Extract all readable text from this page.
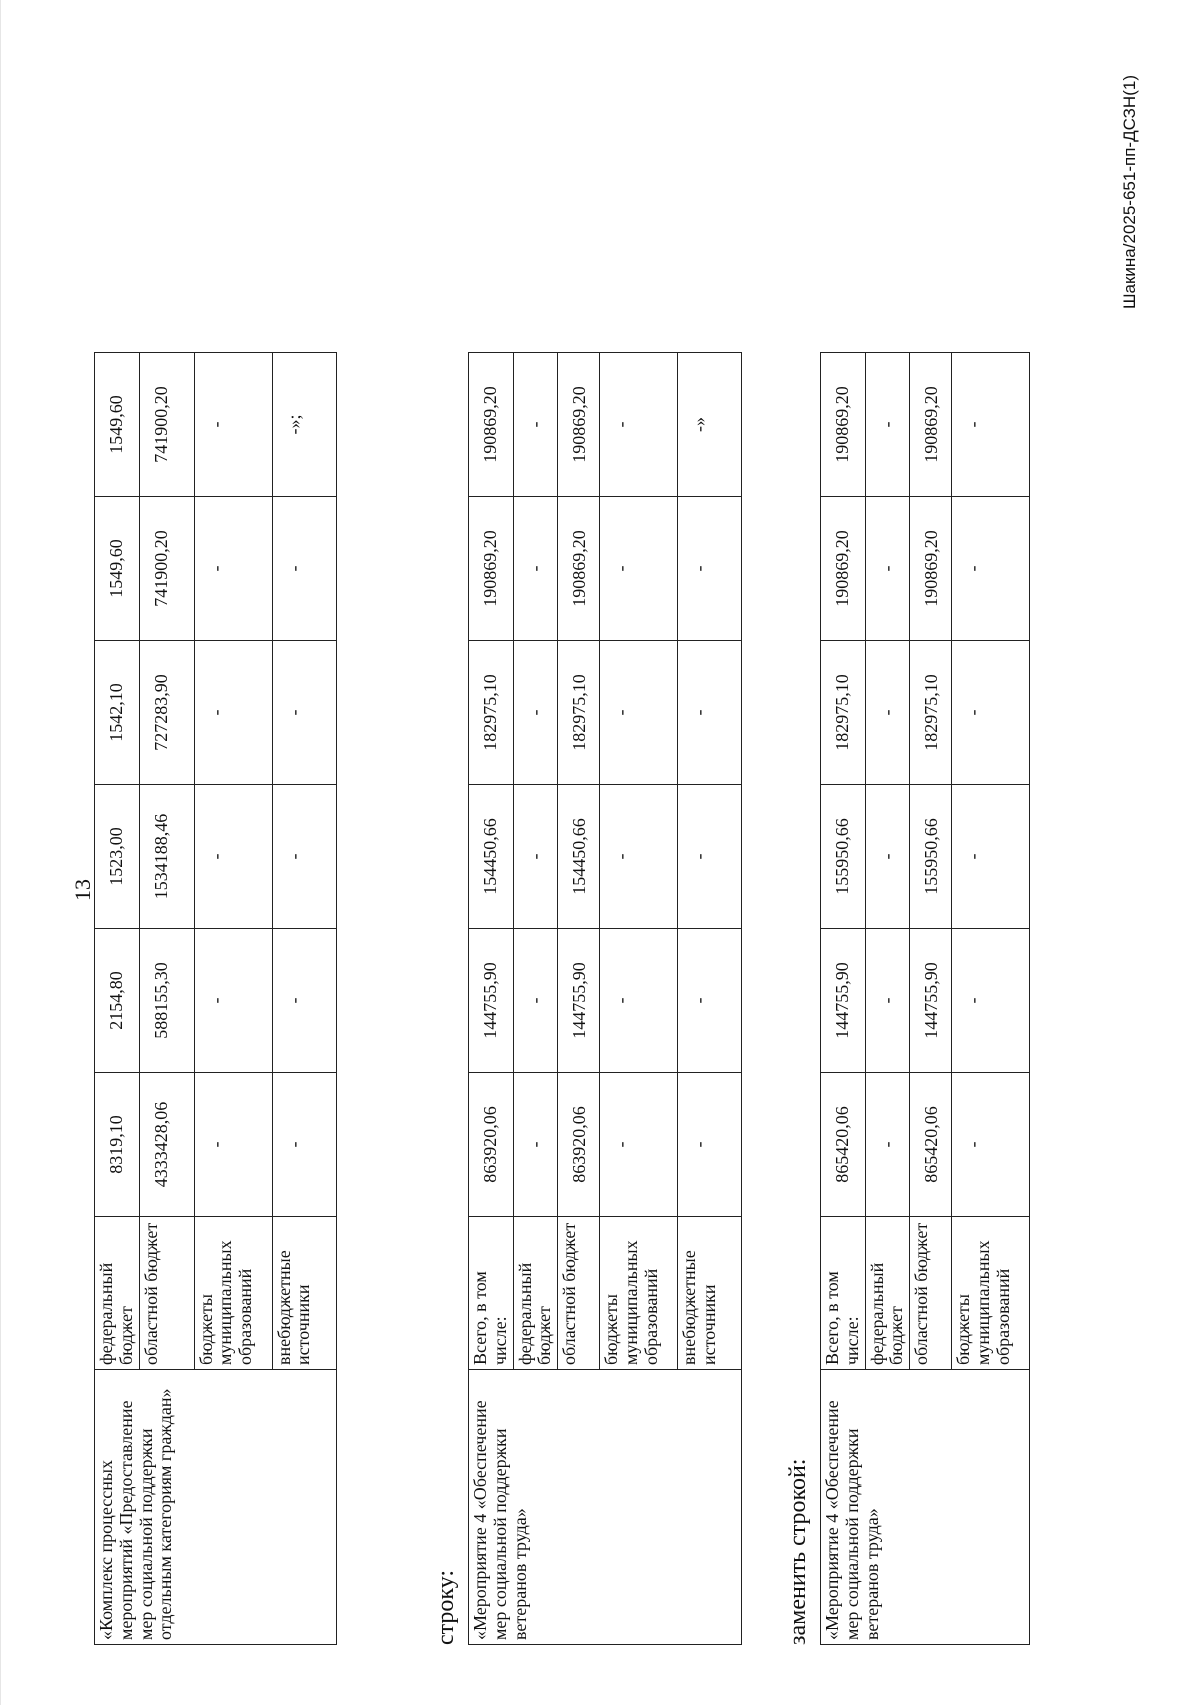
13
«Комплекс процессных мероприятий «Предоставление мер социальной поддержки отдельным категориям граждан»	федеральный бюджет	8319,10	2154,80	1523,00	1542,10	1549,60	1549,60
	областной бюджет	4333428,06	588155,30	1534188,46	727283,90	741900,20	741900,20
	бюджеты муниципальных образований	-	-	-	-	-	-
	внебюджетные источники	-	-	-	-	-	-»;
строку: «Мероприятие 4 «Обеспечение мер социальной поддержки ветеранов труда»	Всего, в том числе:	863920,06	144755,90	154450,66	182975,10	190869,20	190869,20
	федеральный бюджет	-	-	-	-	-	-
	областной бюджет	863920,06	144755,90	154450,66	182975,10	190869,20	190869,20
	бюджеты муниципальных образований	-	-	-	-	-	-
	внебюджетные источники	-	-	-	-	-	-»
заменить строкой: «Мероприятие 4 «Обеспечение мер социальной поддержки ветеранов труда»	Всего, в том числе:	865420,06	144755,90	155950,66	182975,10	190869,20	190869,20
	федеральный бюджет	-	-	-	-	-	-
	областной бюджет	865420,06	144755,90	155950,66	182975,10	190869,20	190869,20
	бюджеты муниципальных образований	-	-	-	-	-	-
Шакина/2025-651-пп-ДСЗН(1)
